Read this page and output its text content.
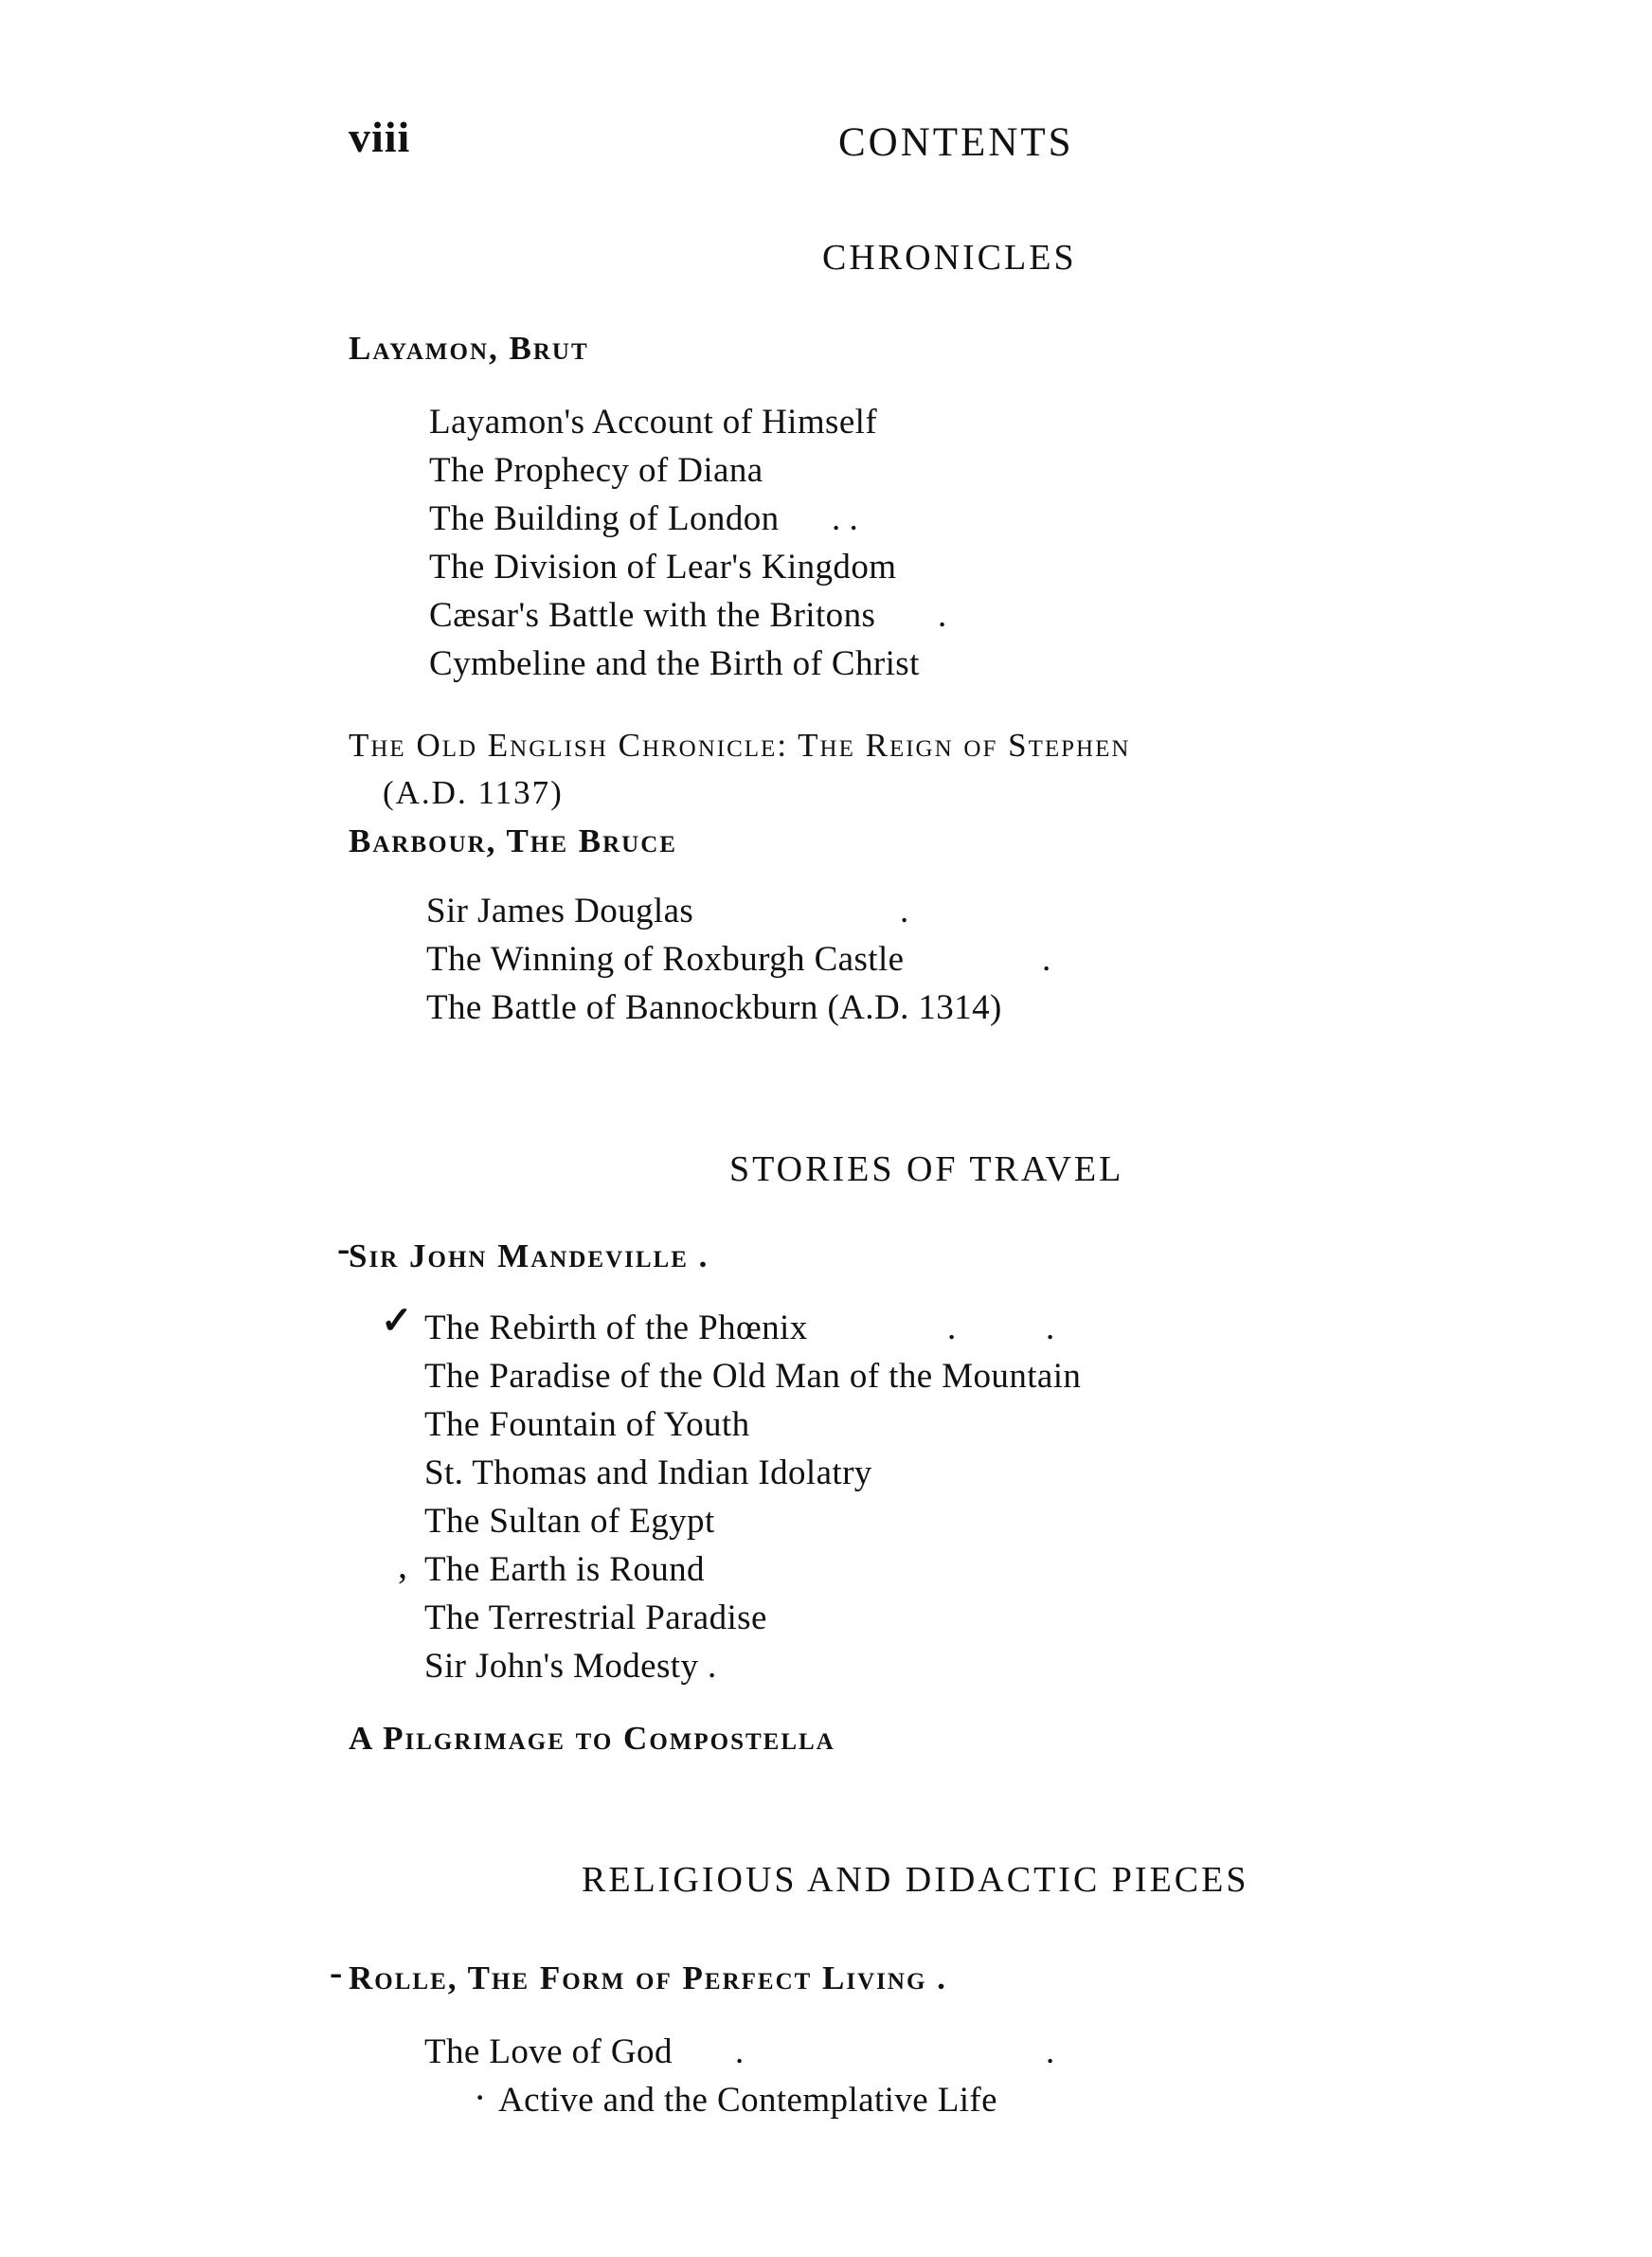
viii	CONTENTS
CHRONICLES
Layamon, Brut
Layamon's Account of Himself
The Prophecy of Diana
The Building of London . .
The Division of Lear's Kingdom
Cæsar's Battle with the Britons .
Cymbeline and the Birth of Christ
The Old English Chronicle: The Reign of Stephen
(A.D. 1137)
Barbour, The Bruce
Sir James Douglas	.
The Winning of Roxburgh Castle	.
The Battle of Bannockburn (A.D. 1314)
STORIES OF TRAVEL
-
Sir John Mandeville .
✓ The Rebirth of the Phœnix	.	.
The Paradise of the Old Man of the Mountain
The Fountain of Youth
St. Thomas and Indian Idolatry
The Sultan of Egypt
, The Earth is Round
The Terrestrial Paradise
Sir John's Modesty .
A Pilgrimage to Compostella
RELIGIOUS AND DIDACTIC PIECES
- Rolle, The Form of Perfect Living .
The Love of God .	.
· Active and the Contemplative Life
